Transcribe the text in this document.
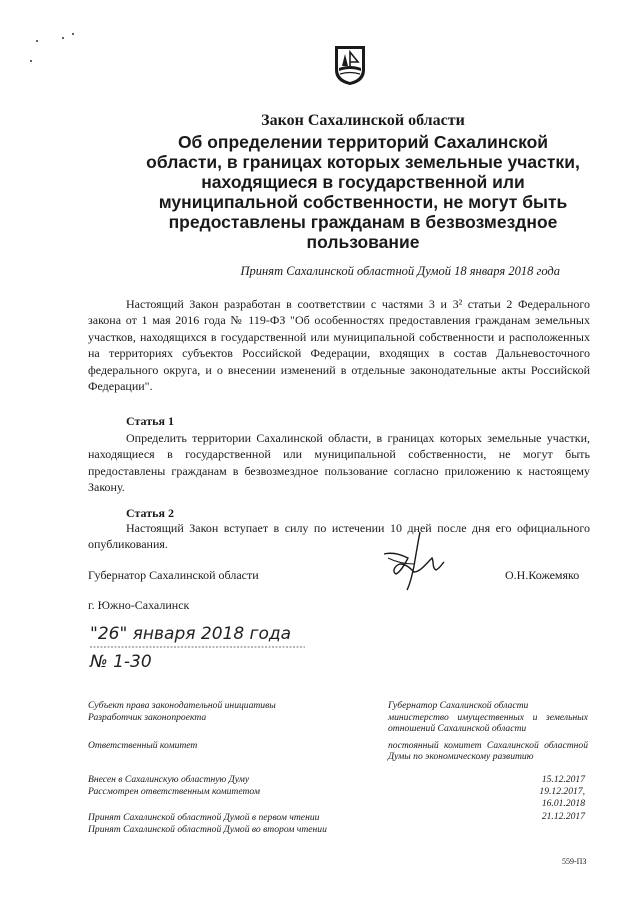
Закон Сахалинской области
Об определении территорий Сахалинской
области, в границах которых земельные участки,
находящиеся в государственной или
муниципальной собственности, не могут быть
предоставлены гражданам в безвозмездное
пользование
Принят Сахалинской областной Думой 18 января 2018 года

Настоящий Закон разработан в соответствии с частями 3 и 3² статьи 2 Федерального закона от 1 мая 2016 года № 119-ФЗ "Об особенностях предоставления гражданам земельных участков, находящихся в государственной или муниципальной собственности и расположенных на территориях субъектов Российской Федерации, входящих в состав Дальневосточного федерального округа, и о внесении изменений в отдельные законодательные акты Российской Федерации".

Статья 1

Определить территории Сахалинской области, в границах которых земельные участки, находящиеся в государственной или муниципальной собственности, не могут быть предоставлены гражданам в безвозмездное пользование согласно приложению к настоящему Закону.

Статья 2

Настоящий Закон вступает в силу по истечении 10 дней после дня его официального опубликования.

Губернатор Сахалинской области	О.Н.Кожемяко
г. Южно-Сахалинск
"26" января 2018 года
№ 1-30
Субъект права законодательной инициативы
Разработчик законопроекта
Ответственный комитет
Губернатор Сахалинской области
министерство имущественных и земельных отношений Сахалинской области
постоянный комитет Сахалинской областной Думы по экономическому развитию
Внесен в Сахалинскую областную Думу
Рассмотрен ответственным комитетом
Принят Сахалинской областной Думой в первом чтении
Принят Сахалинской областной Думой во втором чтении
15.12.2017
19.12.2017,
16.01.2018
21.12.2017
559-ПЗ
